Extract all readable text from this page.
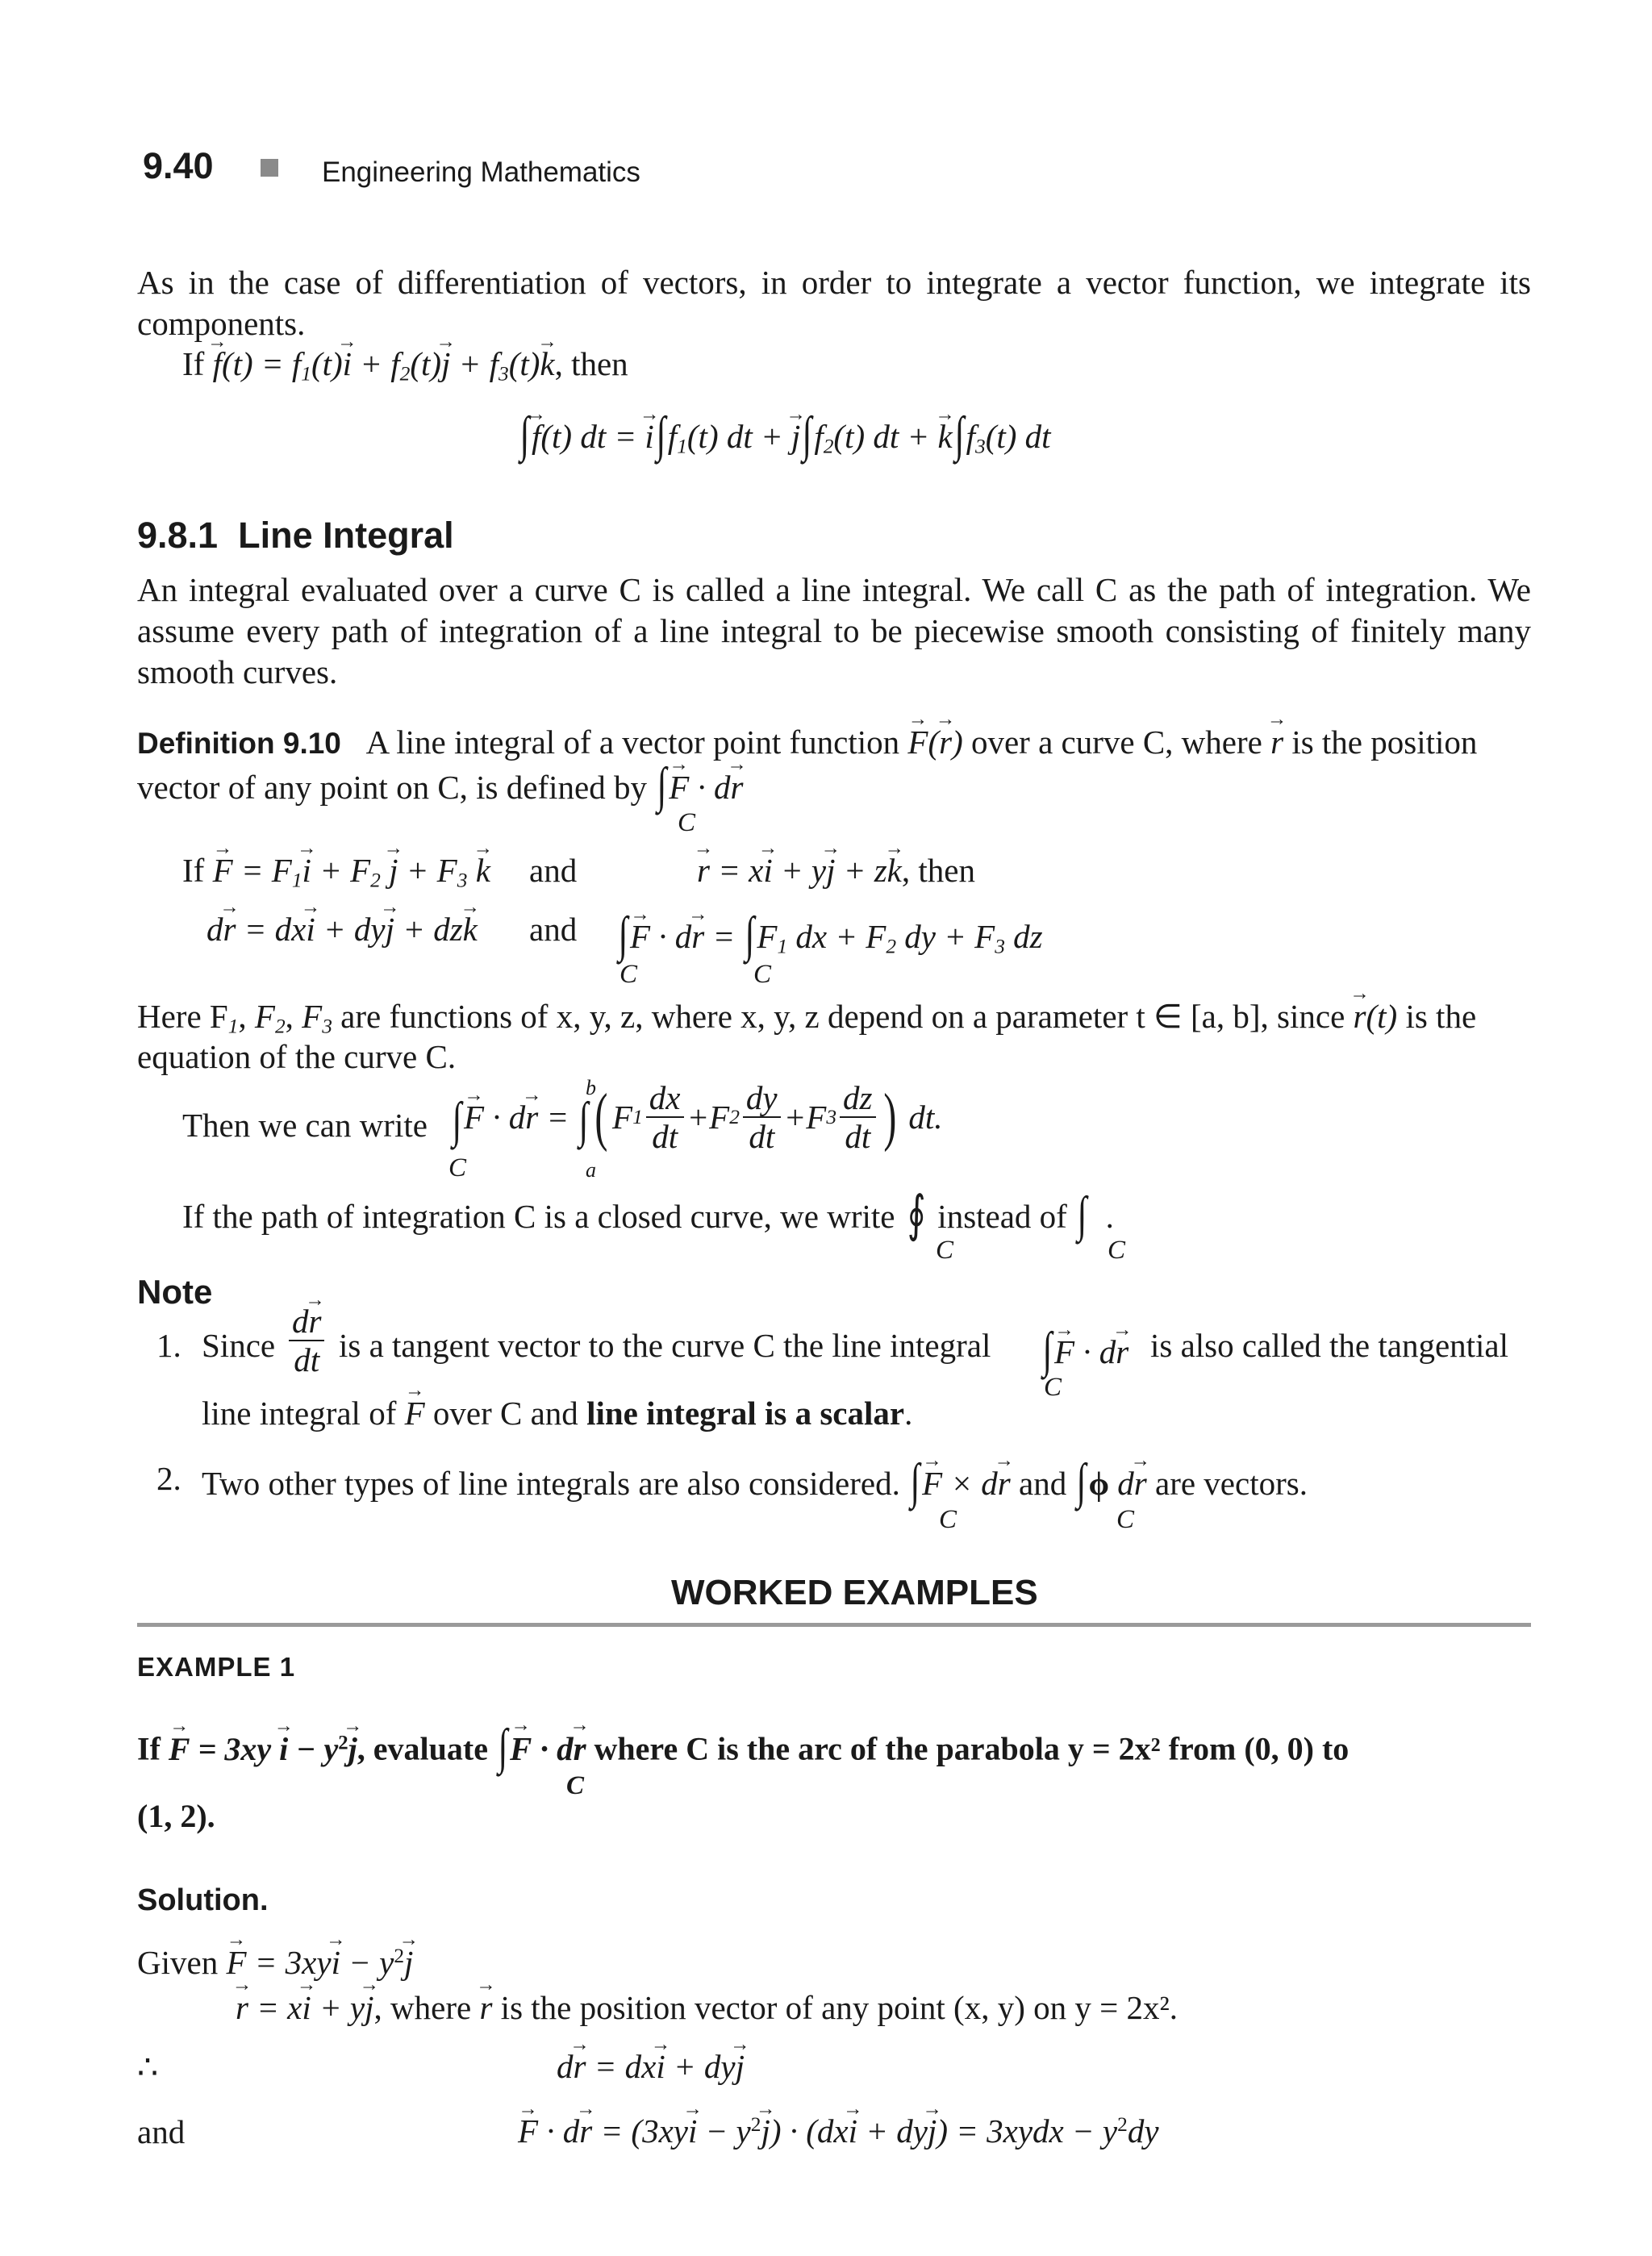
9.40	Engineering Mathematics
As in the case of differentiation of vectors, in order to integrate a vector function, we integrate its components.
If $f \to(t) = f_1(t)i$ → + $f_2(t)j$ → + $f_3(t)k$ →, then
∫f →(t) dt = $i \to\int f_1(t)$ dt + $j \to\int f_2(t)$ dt + $k \to\int f_3(t)$ dt
9.8.1 Line Integral
An integral evaluated over a curve C is called a line integral. We call C as the path of integration. We assume every path of integration of a line integral to be piecewise smooth consisting of finitely many smooth curves.
Definition 9.10 A line integral of a vector point function F →(r →) over a curve C, where r → is the position
vector of any point on C, is defined by ∫F → · dr →
C
If F → = $F_1i$ → + $F_2$ j → + $F_3$ k → and	r → = xi → + yj → + zk →, then
dr → = dxi → + dyj → + dzk → and ∫F → · dr → = $\int F_1$ dx + $F_2$ dy + $F_3$ dz
C	C
Here $F_1$, $F_2$, $F_3$ are functions of x, y, z, where x, y, z depend on a parameter t ∈ [a, b], since r →(t) is the
equation of the curve C.
Then we can write ∫ F → · d r → = ∫ ( F $1 \frac{dx}{dt} +F$ $2 \frac{dy}{dt} +F$ $3 \frac{dz}{dt}$ ) dt.
C
b
a
If the path of integration C is a closed curve, we write ∮ instead of ∫  .
C	C
Note
1. Since $\frac{dr \to}{dt}$ is a tangent vector to the curve C the line integral ∫F → · dr →
C
is also called the tangential
line integral of F → over C and line integral is a scalar.
2. Two other types of line integrals are also considered. ∫F → × dr → and ∫ϕ dr → are vectors.
C	C
WORKED EXAMPLES
EXAMPLE 1
If F → = 3xy i → − $y^2j$ →, evaluate ∫F → · dr → where C is the arc of the parabola y = 2x² from (0, 0) to
C
(1, 2).
Solution.
Given F → = 3xyi → − $y^2j$ →
r → = xi → + yj →, where r → is the position vector of any point (x, y) on y = 2x².
∴	dr → = dxi → + dyj →
and	F → · dr → = (3xyi → − $y^2j$ →) · (dxi → + dyj →) = 3xydx − $y^2dy$
